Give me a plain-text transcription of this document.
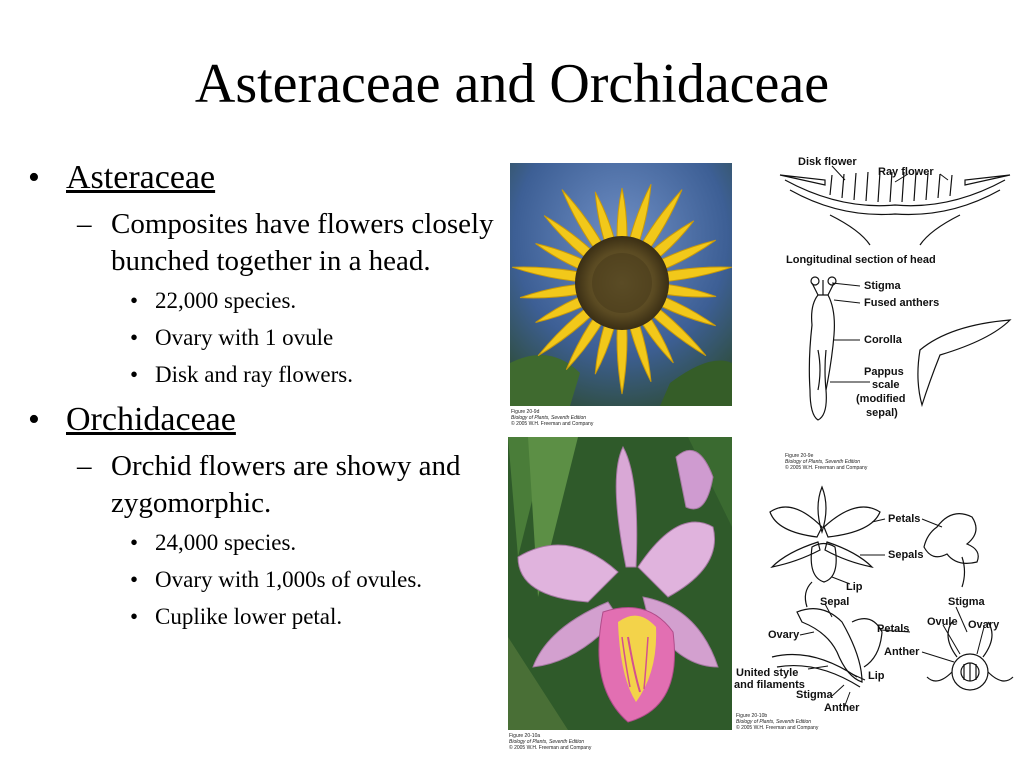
Asteraceae and Orchidaceae
• Asteraceae
– Composites have flowers closely bunched together in a head.
• 22,000 species.
• Ovary with 1 ovule
• Disk and ray flowers.
• Orchidaceae
– Orchid flowers are showy and zygomorphic.
• 24,000 species.
• Ovary with 1,000s of ovules.
• Cuplike lower petal.
Figure 20-9d
Biology of Plants, Seventh Edition
© 2005 W.H. Freeman and Company
Figure 20-10a
Biology of Plants, Seventh Edition
© 2005 W.H. Freeman and Company
Disk flower
Ray flower
Longitudinal section of head
Stigma
Fused anthers
Corolla
Pappus
scale
(modified
sepal)
Figure 20-9e
Biology of Plants, Seventh Edition
© 2005 W.H. Freeman and Company
Petals
Sepals
Lip
Sepal	Stigma
Ovule Ovary
Petals
Ovary
Anther
United style
and filaments
Lip
Stigma
Anther
Figure 20-10b
Biology of Plants, Seventh Edition
© 2005 W.H. Freeman and Company
